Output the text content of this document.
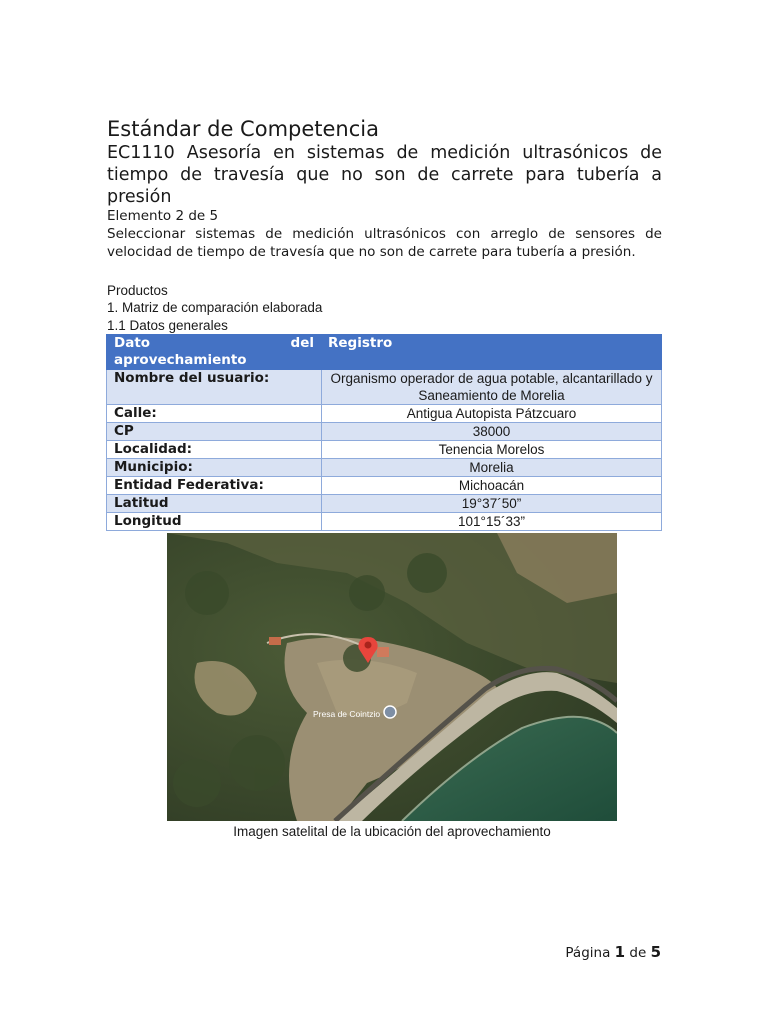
Estándar de Competencia
EC1110 Asesoría en sistemas de medición ultrasónicos de tiempo de travesía que no son de carrete para tubería a presión
Elemento 2 de 5
Seleccionar sistemas de medición ultrasónicos con arreglo de sensores de velocidad de tiempo de travesía que no son de carrete para tubería a presión.
Productos
1. Matriz de comparación elaborada
1.1 Datos generales
Dato del
aprovechamiento	Registro
Nombre del usuario:	Organismo operador de agua potable, alcantarillado y Saneamiento de Morelia
Calle:	Antigua Autopista Pátzcuaro
CP	38000
Localidad:	Tenencia Morelos
Municipio:	Morelia
Entidad Federativa:	Michoacán
Latitud	19°37´50”
Longitud	101°15´33”
Presa de Cointzio
Imagen satelital de la ubicación del aprovechamiento
Página 1 de 5
